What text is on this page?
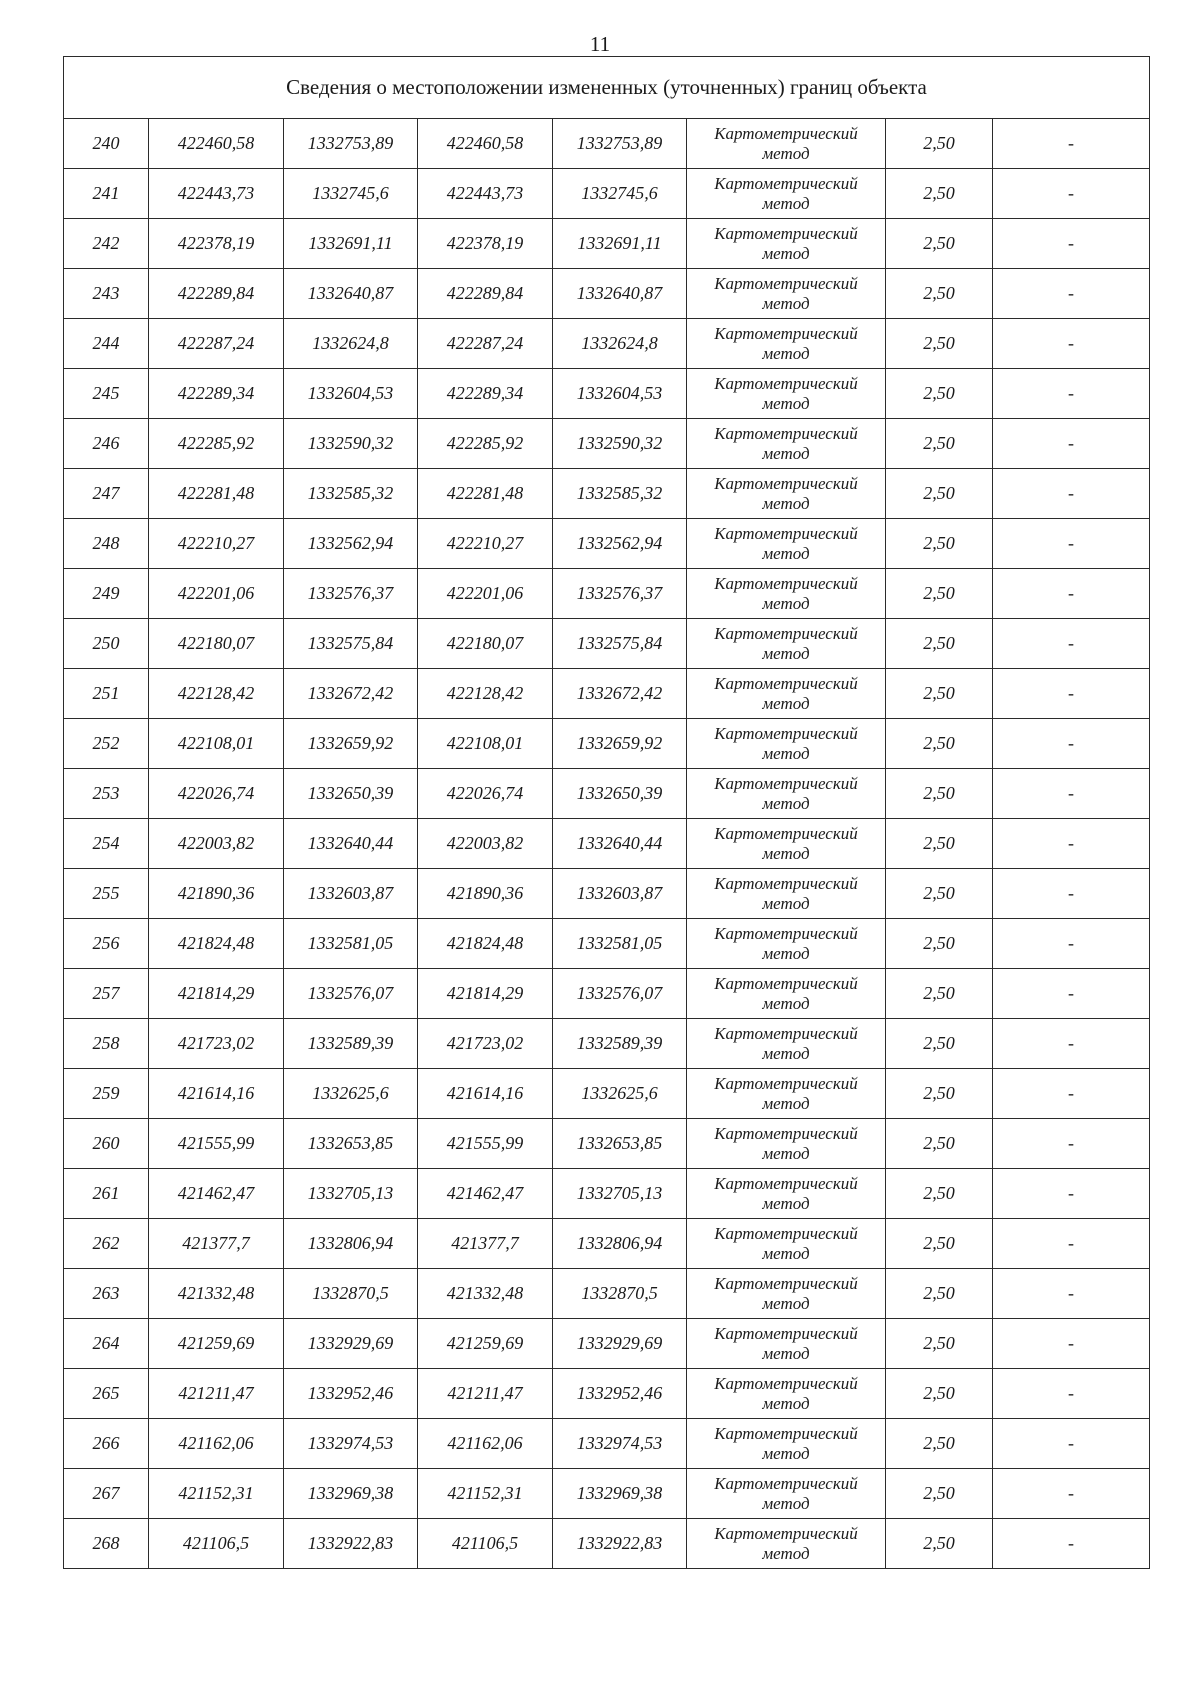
11
Сведения о местоположении измененных (уточненных) границ объекта							
240	422460,58	1332753,89	422460,58	1332753,89	Картометрический
метод	2,50	-
241	422443,73	1332745,6	422443,73	1332745,6	Картометрический
метод	2,50	-
242	422378,19	1332691,11	422378,19	1332691,11	Картометрический
метод	2,50	-
243	422289,84	1332640,87	422289,84	1332640,87	Картометрический
метод	2,50	-
244	422287,24	1332624,8	422287,24	1332624,8	Картометрический
метод	2,50	-
245	422289,34	1332604,53	422289,34	1332604,53	Картометрический
метод	2,50	-
246	422285,92	1332590,32	422285,92	1332590,32	Картометрический
метод	2,50	-
247	422281,48	1332585,32	422281,48	1332585,32	Картометрический
метод	2,50	-
248	422210,27	1332562,94	422210,27	1332562,94	Картометрический
метод	2,50	-
249	422201,06	1332576,37	422201,06	1332576,37	Картометрический
метод	2,50	-
250	422180,07	1332575,84	422180,07	1332575,84	Картометрический
метод	2,50	-
251	422128,42	1332672,42	422128,42	1332672,42	Картометрический
метод	2,50	-
252	422108,01	1332659,92	422108,01	1332659,92	Картометрический
метод	2,50	-
253	422026,74	1332650,39	422026,74	1332650,39	Картометрический
метод	2,50	-
254	422003,82	1332640,44	422003,82	1332640,44	Картометрический
метод	2,50	-
255	421890,36	1332603,87	421890,36	1332603,87	Картометрический
метод	2,50	-
256	421824,48	1332581,05	421824,48	1332581,05	Картометрический
метод	2,50	-
257	421814,29	1332576,07	421814,29	1332576,07	Картометрический
метод	2,50	-
258	421723,02	1332589,39	421723,02	1332589,39	Картометрический
метод	2,50	-
259	421614,16	1332625,6	421614,16	1332625,6	Картометрический
метод	2,50	-
260	421555,99	1332653,85	421555,99	1332653,85	Картометрический
метод	2,50	-
261	421462,47	1332705,13	421462,47	1332705,13	Картометрический
метод	2,50	-
262	421377,7	1332806,94	421377,7	1332806,94	Картометрический
метод	2,50	-
263	421332,48	1332870,5	421332,48	1332870,5	Картометрический
метод	2,50	-
264	421259,69	1332929,69	421259,69	1332929,69	Картометрический
метод	2,50	-
265	421211,47	1332952,46	421211,47	1332952,46	Картометрический
метод	2,50	-
266	421162,06	1332974,53	421162,06	1332974,53	Картометрический
метод	2,50	-
267	421152,31	1332969,38	421152,31	1332969,38	Картометрический
метод	2,50	-
268	421106,5	1332922,83	421106,5	1332922,83	Картометрический
метод	2,50	-
